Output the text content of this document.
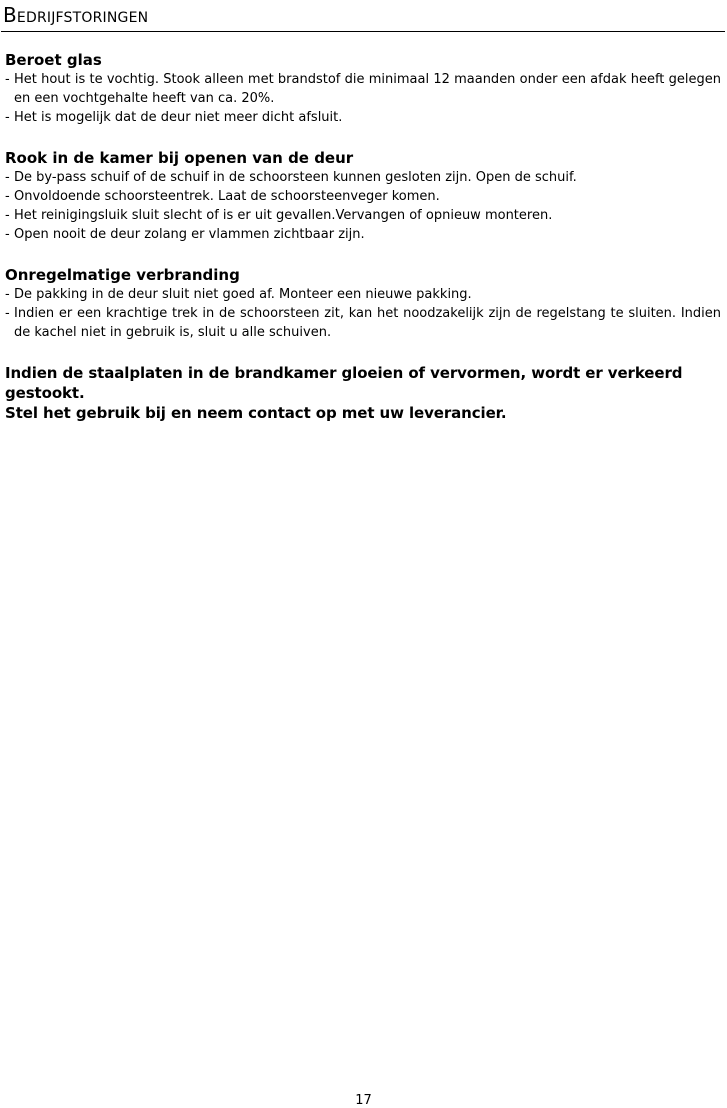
Bedrijfstoringen
Beroet glas
- Het hout is te vochtig. Stook alleen met brandstof die minimaal 12 maanden onder een afdak heeft gelegen en een vochtgehalte heeft van ca. 20%.
- Het is mogelijk dat de deur niet meer dicht afsluit.
Rook in de kamer bij openen van de deur
- De by-pass schuif of de schuif in de schoorsteen kunnen gesloten zijn. Open de schuif.
- Onvoldoende schoorsteentrek. Laat de schoorsteenveger komen.
- Het reinigingsluik sluit slecht of is er uit gevallen.Vervangen of opnieuw monteren.
- Open nooit de deur zolang er vlammen zichtbaar zijn.
Onregelmatige verbranding
- De pakking in de deur sluit niet goed af. Monteer een nieuwe pakking.
- Indien er een krachtige trek in de schoorsteen zit, kan het noodzakelijk zijn de regelstang te sluiten. Indien de kachel niet in gebruik is, sluit u alle schuiven.

Indien de staalplaten in de brandkamer gloeien of vervormen, wordt er verkeerd gestookt.

Stel het gebruik bij en neem contact op met uw leverancier.

17
